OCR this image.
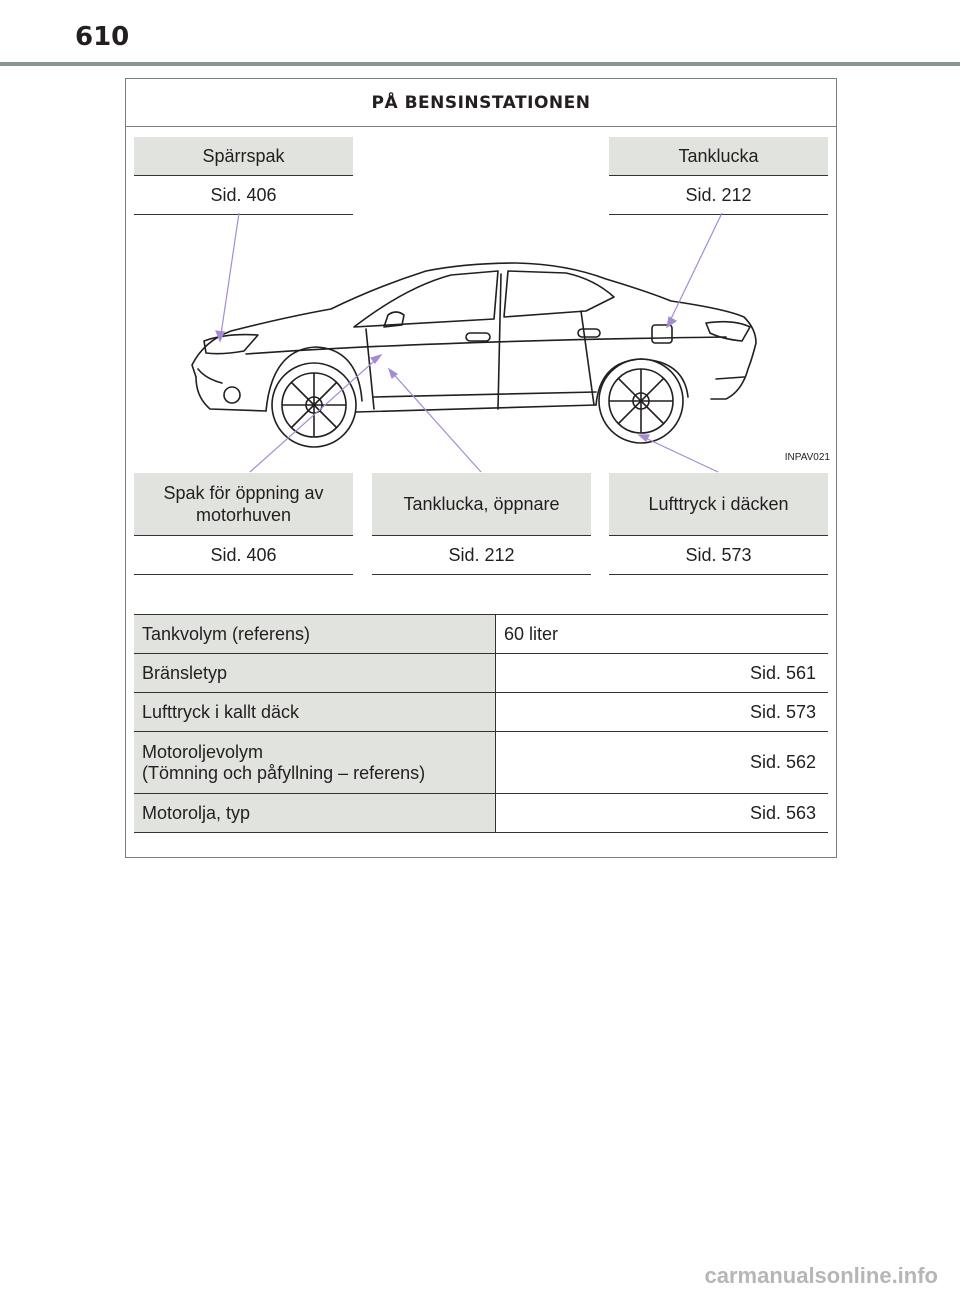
610
PÅ BENSINSTATIONEN
Spärrspak
Sid. 406
Tanklucka
Sid. 212
INPAV021
Spak för öppning av motorhuven
Sid. 406
Tanklucka, öppnare
Sid. 212
Lufttryck i däcken
Sid. 573
Tankvolym (referens)	60 liter
Bränsletyp	Sid. 561
Lufttryck i kallt däck	Sid. 573

Motoroljevolym
(Tömning och påfyllning – referens)	Sid. 562
Motorolja, typ	Sid. 563
carmanualsonline.info
